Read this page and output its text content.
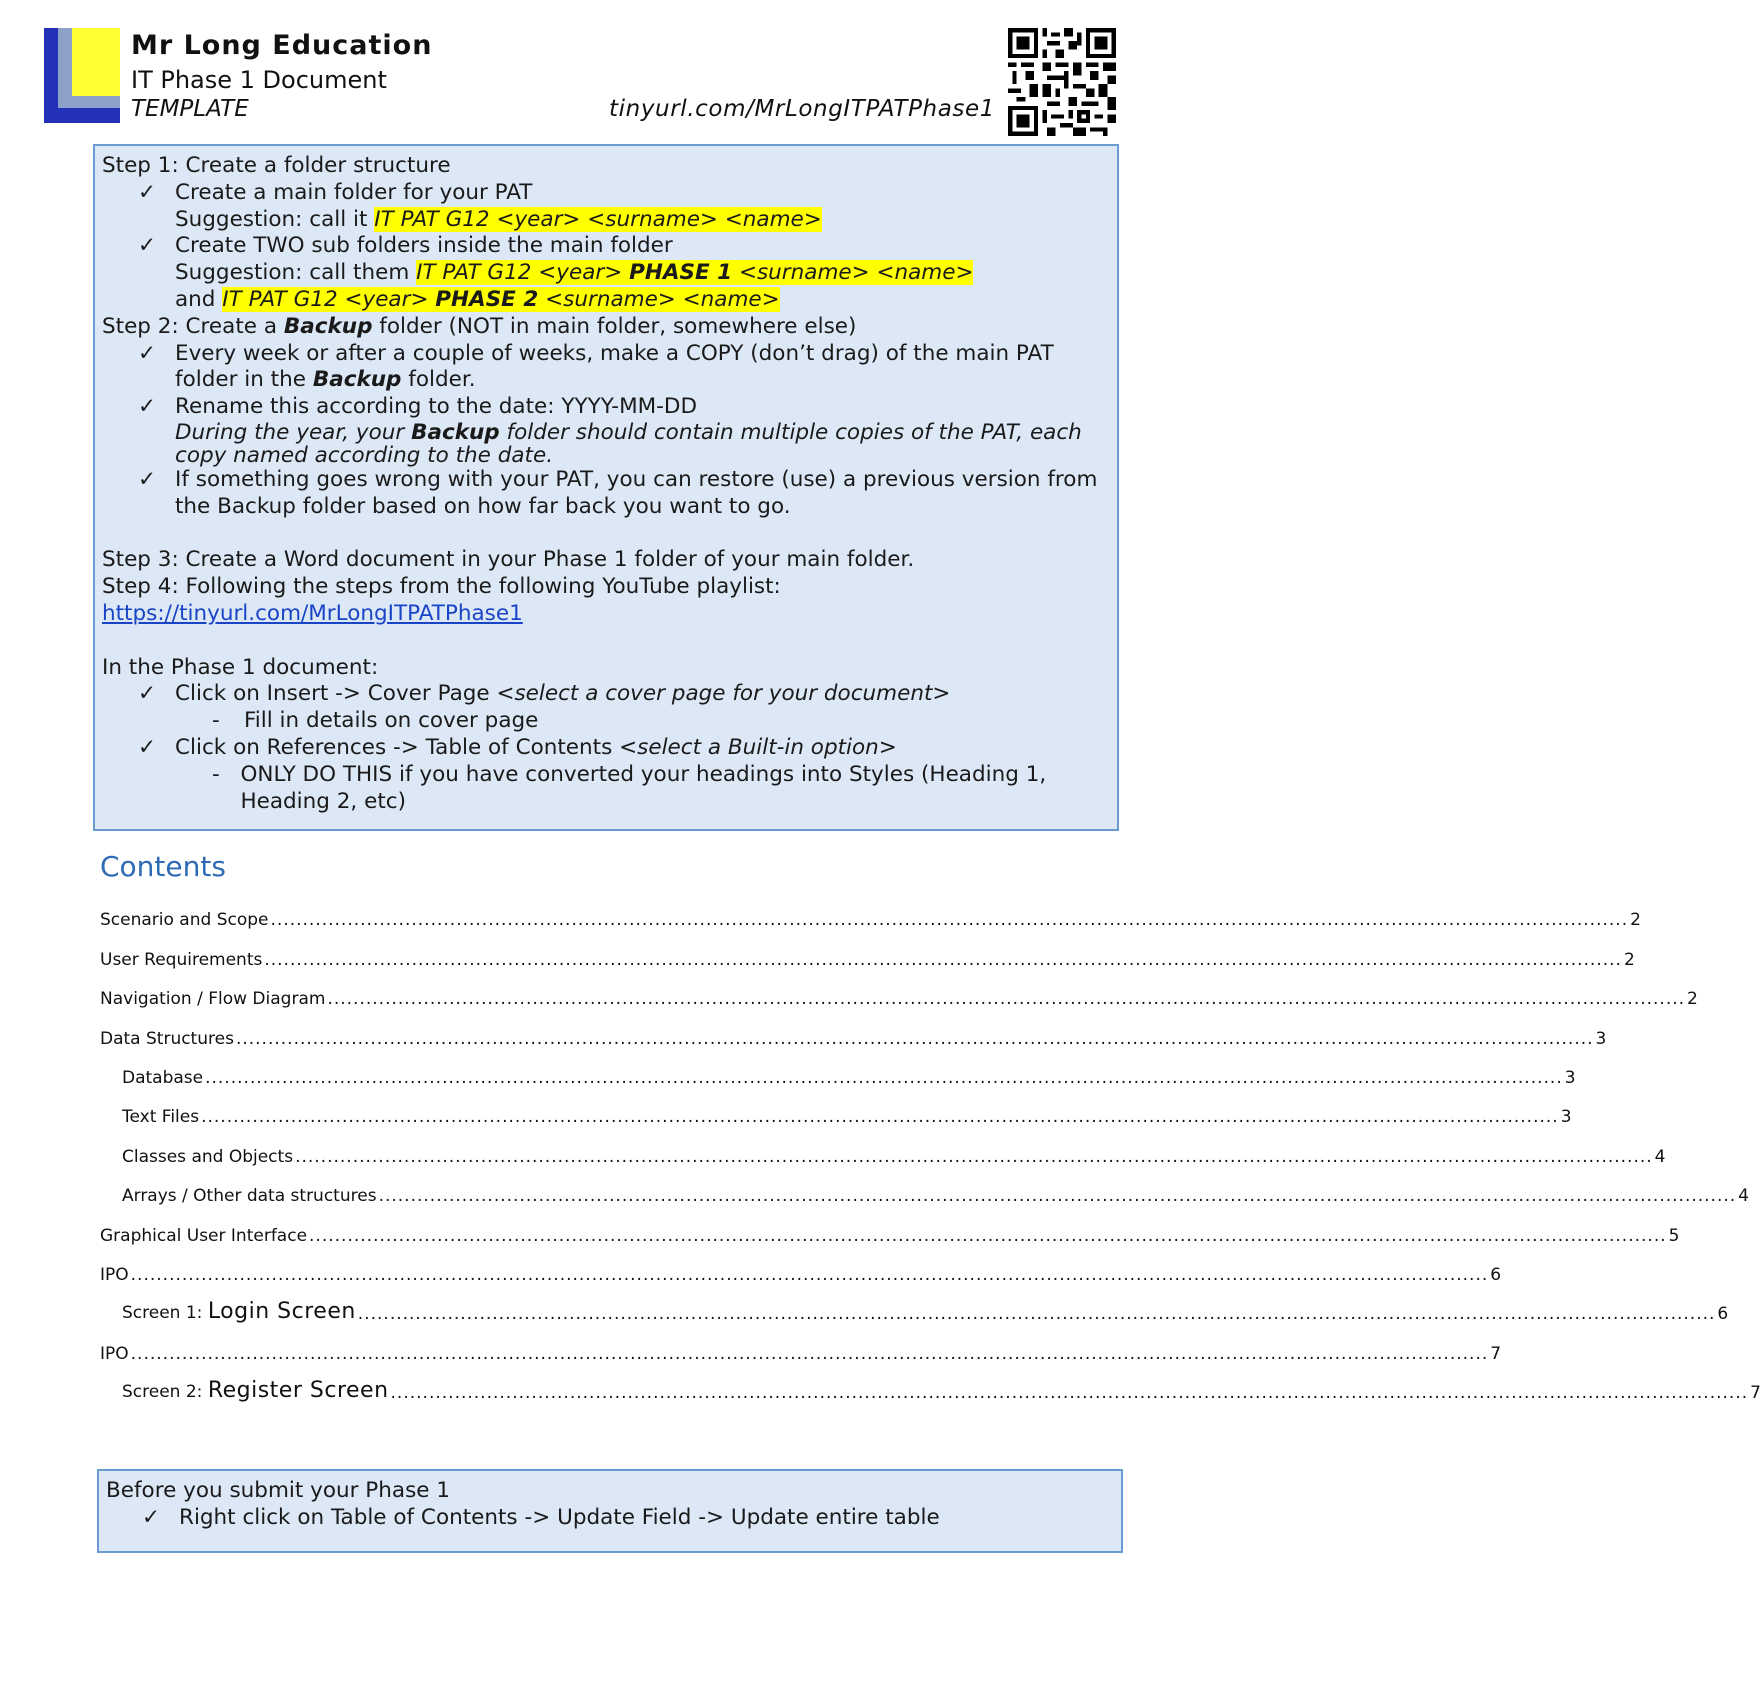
Mr Long Education
IT Phase 1 Document
TEMPLATE	tinyurl.com/MrLongITPATPhase1
Step 1: Create a folder structure
✓ Create a main folder for your PAT
Suggestion: call it IT PAT G12 <year> <surname> <name>
✓ Create TWO sub folders inside the main folder
Suggestion: call them IT PAT G12 <year> PHASE 1 <surname> <name>
and IT PAT G12 <year> PHASE 2 <surname> <name>
Step 2: Create a Backup folder (NOT in main folder, somewhere else)
✓ Every week or after a couple of weeks, make a COPY (don’t drag) of the main PAT folder in the Backup folder.
✓ Rename this according to the date: YYYY-MM-DD
During the year, your Backup folder should contain multiple copies of the PAT, each copy named according to the date.
✓ If something goes wrong with your PAT, you can restore (use) a previous version from the Backup folder based on how far back you want to go.
Step 3: Create a Word document in your Phase 1 folder of your main folder.
Step 4: Following the steps from the following YouTube playlist:
https://tinyurl.com/MrLongITPATPhase1
In the Phase 1 document:
✓ Click on Insert -> Cover Page <select a cover page for your document>
-	Fill in details on cover page
✓ Click on References -> Table of Contents <select a Built-in option>
- ONLY DO THIS if you have converted your headings into Styles (Heading 1, Heading 2, etc)
Contents
Scenario and Scope .................................................................................................................................................................................................................... 2
User Requirements .................................................................................................................................................................................................................... 2
Navigation / Flow Diagram .................................................................................................................................................................................................................... 2
Data Structures .................................................................................................................................................................................................................... 3
Database .................................................................................................................................................................................................................... 3
Text Files .................................................................................................................................................................................................................... 3
Classes and Objects .................................................................................................................................................................................................................... 4
Arrays / Other data structures .................................................................................................................................................................................................................... 4
Graphical User Interface .................................................................................................................................................................................................................... 5
IPO .................................................................................................................................................................................................................... 6
Screen 1: Login Screen .................................................................................................................................................................................................................... 6
IPO .................................................................................................................................................................................................................... 7
Screen 2: Register Screen .................................................................................................................................................................................................................... 7
Before you submit your Phase 1
✓ Right click on Table of Contents -> Update Field -> Update entire table
